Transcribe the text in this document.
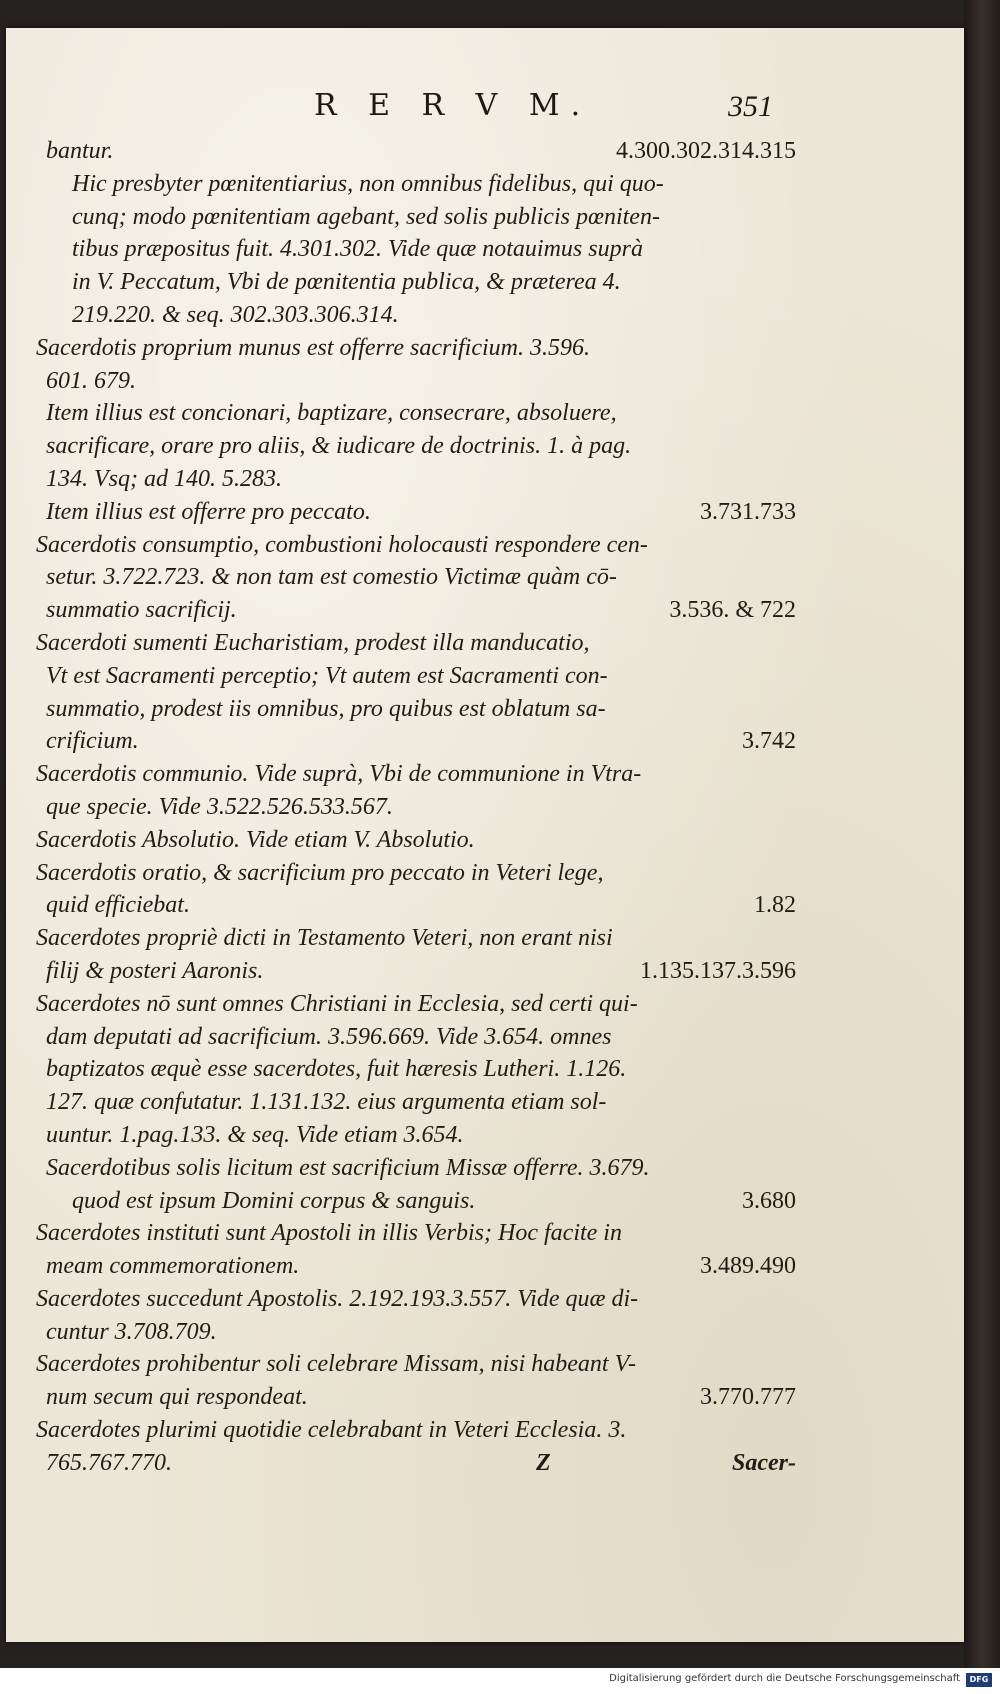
R E R V M.	351
bantur.	4.300.302.314.315
Hic presbyter pœnitentiarius, non omnibus fidelibus, qui quo-
cunq; modo pœnitentiam agebant, sed solis publicis pœniten-
tibus præpositus fuit. 4.301.302. Vide quæ notauimus suprà
in V. Peccatum, Vbi de pœnitentia publica, & præterea 4.
219.220. & seq. 302.303.306.314.
Sacerdotis proprium munus est offerre sacrificium. 3.596.
601. 679.
Item illius est concionari, baptizare, consecrare, absoluere,
sacrificare, orare pro aliis, & iudicare de doctrinis. 1. à pag.
134. Vsq; ad 140. 5.283.
Item illius est offerre pro peccato.	3.731.733
Sacerdotis consumptio, combustioni holocausti respondere cen-
setur. 3.722.723. & non tam est comestio Victimæ quàm cō-
summatio sacrificij.	3.536. & 722
Sacerdoti sumenti Eucharistiam, prodest illa manducatio,
Vt est Sacramenti perceptio; Vt autem est Sacramenti con-
summatio, prodest iis omnibus, pro quibus est oblatum sa-
crificium.	3.742
Sacerdotis communio. Vide suprà, Vbi de communione in Vtra-
que specie. Vide 3.522.526.533.567.
Sacerdotis Absolutio. Vide etiam V. Absolutio.
Sacerdotis oratio, & sacrificium pro peccato in Veteri lege,
quid efficiebat.	1.82
Sacerdotes propriè dicti in Testamento Veteri, non erant nisi
filij & posteri Aaronis.	1.135.137.3.596
Sacerdotes nō sunt omnes Christiani in Ecclesia, sed certi qui-
dam deputati ad sacrificium. 3.596.669. Vide 3.654. omnes
baptizatos æquè esse sacerdotes, fuit hæresis Lutheri. 1.126.
127. quæ confutatur. 1.131.132. eius argumenta etiam sol-
uuntur. 1.pag.133. & seq. Vide etiam 3.654.
Sacerdotibus solis licitum est sacrificium Missæ offerre. 3.679.
quod est ipsum Domini corpus & sanguis.	3.680
Sacerdotes instituti sunt Apostoli in illis Verbis; Hoc facite in
meam commemorationem.	3.489.490
Sacerdotes succedunt Apostolis. 2.192.193.3.557. Vide quæ di-
cuntur 3.708.709.
Sacerdotes prohibentur soli celebrare Missam, nisi habeant V-
num secum qui respondeat.	3.770.777
Sacerdotes plurimi quotidie celebrabant in Veteri Ecclesia. 3.
765.767.770.	Z	Sacer-
Digitalisierung gefördert durch die Deutsche Forschungsgemeinschaft	DFG
